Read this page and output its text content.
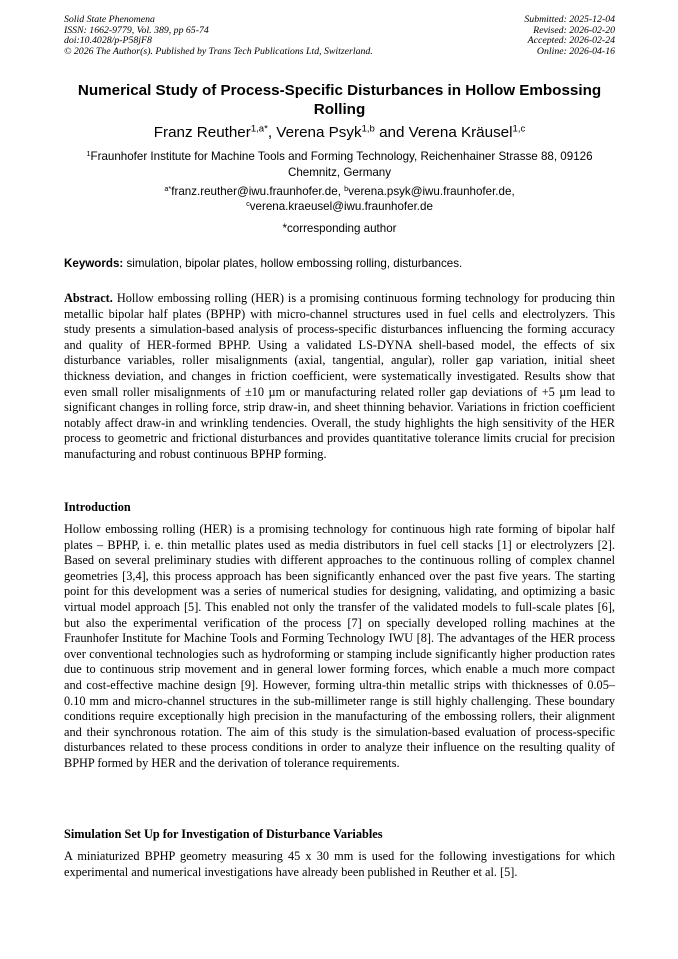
Solid State Phenomena
ISSN: 1662-9779, Vol. 389, pp 65-74
doi:10.4028/p-P58jF8
© 2026 The Author(s). Published by Trans Tech Publications Ltd, Switzerland.
Submitted: 2025-12-04
Revised: 2026-02-20
Accepted: 2026-02-24
Online: 2026-04-16
Numerical Study of Process-Specific Disturbances in Hollow Embossing Rolling
Franz Reuther$^{1,a*}$, Verena Psyk$^{1,b}$ and Verena Kräusel$^{1,c}$
$^1$Fraunhofer Institute for Machine Tools and Forming Technology, Reichenhainer Strasse 88, 09126 Chemnitz, Germany
$^{a*}$franz.reuther@iwu.fraunhofer.de, $^b$verena.psyk@iwu.fraunhofer.de,
$^c$verena.kraeusel@iwu.fraunhofer.de
*corresponding author
Keywords: simulation, bipolar plates, hollow embossing rolling, disturbances.
Abstract. Hollow embossing rolling (HER) is a promising continuous forming technology for producing thin metallic bipolar half plates (BPHP) with micro-channel structures used in fuel cells and electrolyzers. This study presents a simulation-based analysis of process-specific disturbances influencing the forming accuracy and quality of HER-formed BPHP. Using a validated LS-DYNA shell-based model, the effects of six disturbance variables, roller misalignments (axial, tangential, angular), roller gap variation, initial sheet thickness deviation, and changes in friction coefficient, were systematically investigated. Results show that even small roller misalignments of ±10 µm or manufacturing related roller gap deviations of +5 µm lead to significant changes in rolling force, strip draw-in, and sheet thinning behavior. Variations in friction coefficient notably affect draw-in and wrinkling tendencies. Overall, the study highlights the high sensitivity of the HER process to geometric and frictional disturbances and provides quantitative tolerance limits crucial for precision manufacturing and robust continuous BPHP forming.
Introduction
Hollow embossing rolling (HER) is a promising technology for continuous high rate forming of bipolar half plates – BPHP, i. e. thin metallic plates used as media distributors in fuel cell stacks [1] or electrolyzers [2]. Based on several preliminary studies with different approaches to the continuous rolling of complex channel geometries [3,4], this process approach has been significantly enhanced over the past five years. The starting point for this development was a series of numerical studies for designing, validating, and optimizing a basic virtual model approach [5]. This enabled not only the transfer of the validated models to full-scale plates [6], but also the experimental verification of the process [7] on specially developed rolling machines at the Fraunhofer Institute for Machine Tools and Forming Technology IWU [8]. The advantages of the HER process over conventional technologies such as hydroforming or stamping include significantly higher production rates due to continuous strip movement and in general lower forming forces, which enable a much more compact and cost-effective machine design [9]. However, forming ultra-thin metallic strips with thicknesses of 0.05–0.10 mm and micro-channel structures in the sub-millimeter range is still highly challenging. These boundary conditions require exceptionally high precision in the manufacturing of the embossing rollers, their alignment and their synchronous rotation. The aim of this study is the simulation-based evaluation of process-specific disturbances related to these process conditions in order to analyze their influence on the resulting quality of BPHP formed by HER and the derivation of tolerance requirements.
Simulation Set Up for Investigation of Disturbance Variables
A miniaturized BPHP geometry measuring 45 x 30 mm is used for the following investigations for which experimental and numerical investigations have already been published in Reuther et al. [5].
